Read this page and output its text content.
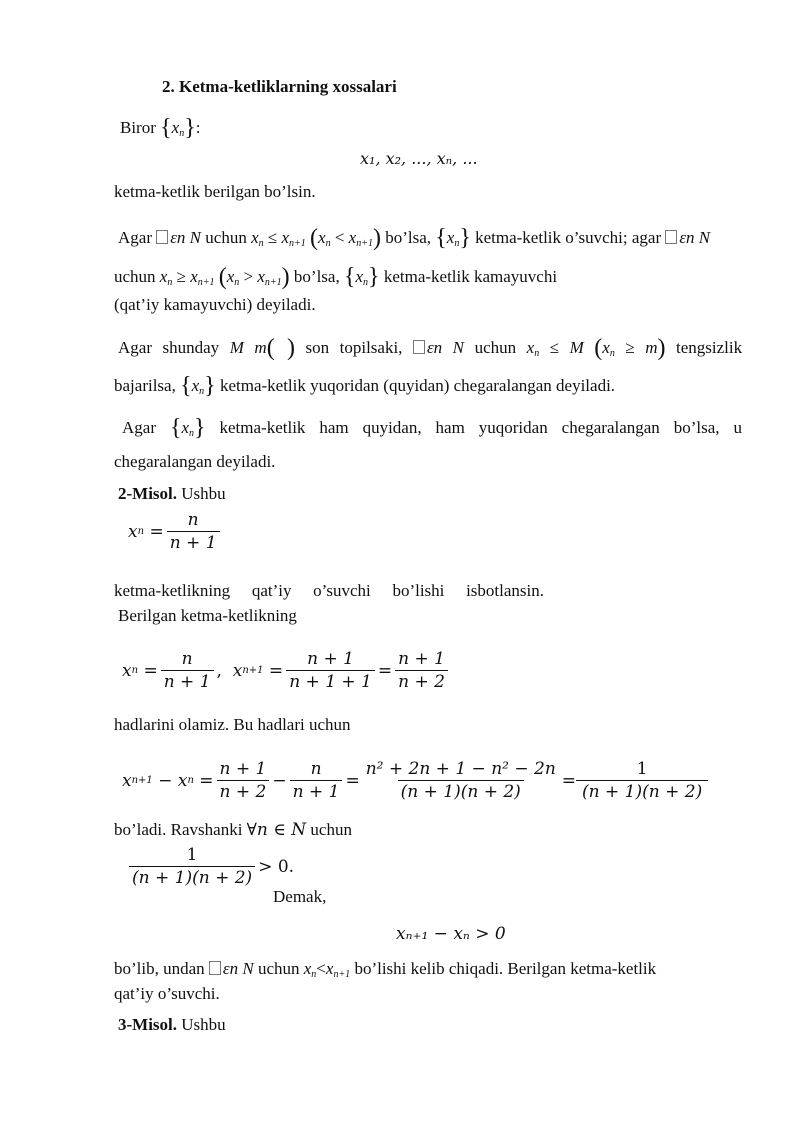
2. Ketma-ketliklarning xossalari
Biror $\{x_n\}$:
x₁, x₂, ..., xₙ, ...
ketma-ketlik berilgan bo’lsin.
Agar εn N uchun $x_n \le x_{n+1}$ $(x_n < x_{n+1})$ bo’lsa, $\{x_n\}$ ketma-ketlik o’suvchi; agar εn N
uchun $x_n \ge x_{n+1}$ $(x_n > x_{n+1})$ bo’lsa, $\{x_n\}$ ketma-ketlik kamayuvchi
(qat’iy kamayuvchi) deyiladi.
Agar shunday M m( ) son topilsaki, εn N uchun $x_n \le M$ $(x_n \ge m)$ tengsizlik
bajarilsa, $\{x_n\}$ ketma-ketlik yuqoridan (quyidan) chegaralangan deyiladi.
Agar $\{x_n\}$ ketma-ketlik ham quyidan, ham yuqoridan chegaralangan bo’lsa, u
chegaralangan deyiladi.
2-Misol. Ushbu
x $n = \frac{n}{n + 1}$
ketma-ketlikning qat’iy o’suvchi bo’lishi isbotlansin.
Berilgan ketma-ketlikning
x $n = \frac{n}{n + 1}$ , x $n+1 = \frac{n + 1}{n + 1 + 1} = \frac{n + 1}{n + 2}$
hadlarini olamiz. Bu hadlari uchun
x n+1 − x $n = \frac{n + 1}{n + 2} - \frac{n}{n + 1} = \frac{\text{n² + 2n + 1 − n² − 2n}}{(n + 1)(n + 2)} = \frac{1}{(n + 1)(n + 2)}$
bo’ladi. Ravshanki ∀n ∈ N uchun
$\frac{1}{(n + 1)(n + 2)} > 0$.
Demak,
xₙ₊₁ − xₙ > 0
bo’lib, undan εn N uchun $x_n<x_{n+1}$ bo’lishi kelib chiqadi. Berilgan ketma-ketlik
qat’iy o’suvchi.
3-Misol. Ushbu
